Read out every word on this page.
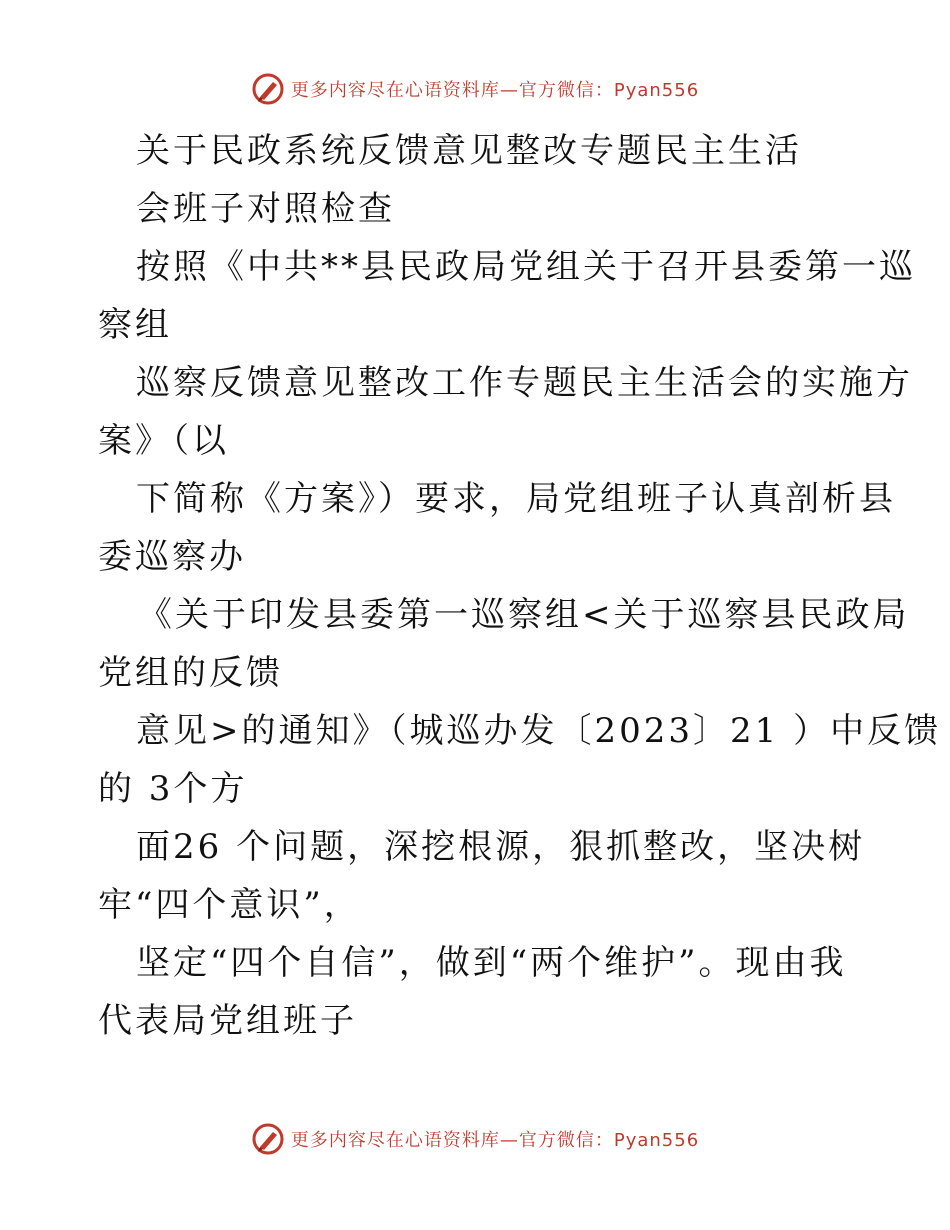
更多内容尽在心语资料库—官方微信：Pyan556
关于民政系统反馈意见整改专题民主生活
会班子对照检查
按照《中共**县民政局党组关于召开县委第一巡
察组
巡察反馈意见整改工作专题民主生活会的实施方
案》（以
下简称《方案》）要求，局党组班子认真剖析县
委巡察办
《关于印发县委第一巡察组<关于巡察县民政局
党组的反馈
意见>的通知》（城巡办发〔2023〕21 ）中反馈
的 3个方
面26 个问题，深挖根源，狠抓整改，坚决树
牢“四个意识”，
坚定“四个自信”，做到“两个维护”。现由我
代表局党组班子
更多内容尽在心语资料库—官方微信：Pyan556
